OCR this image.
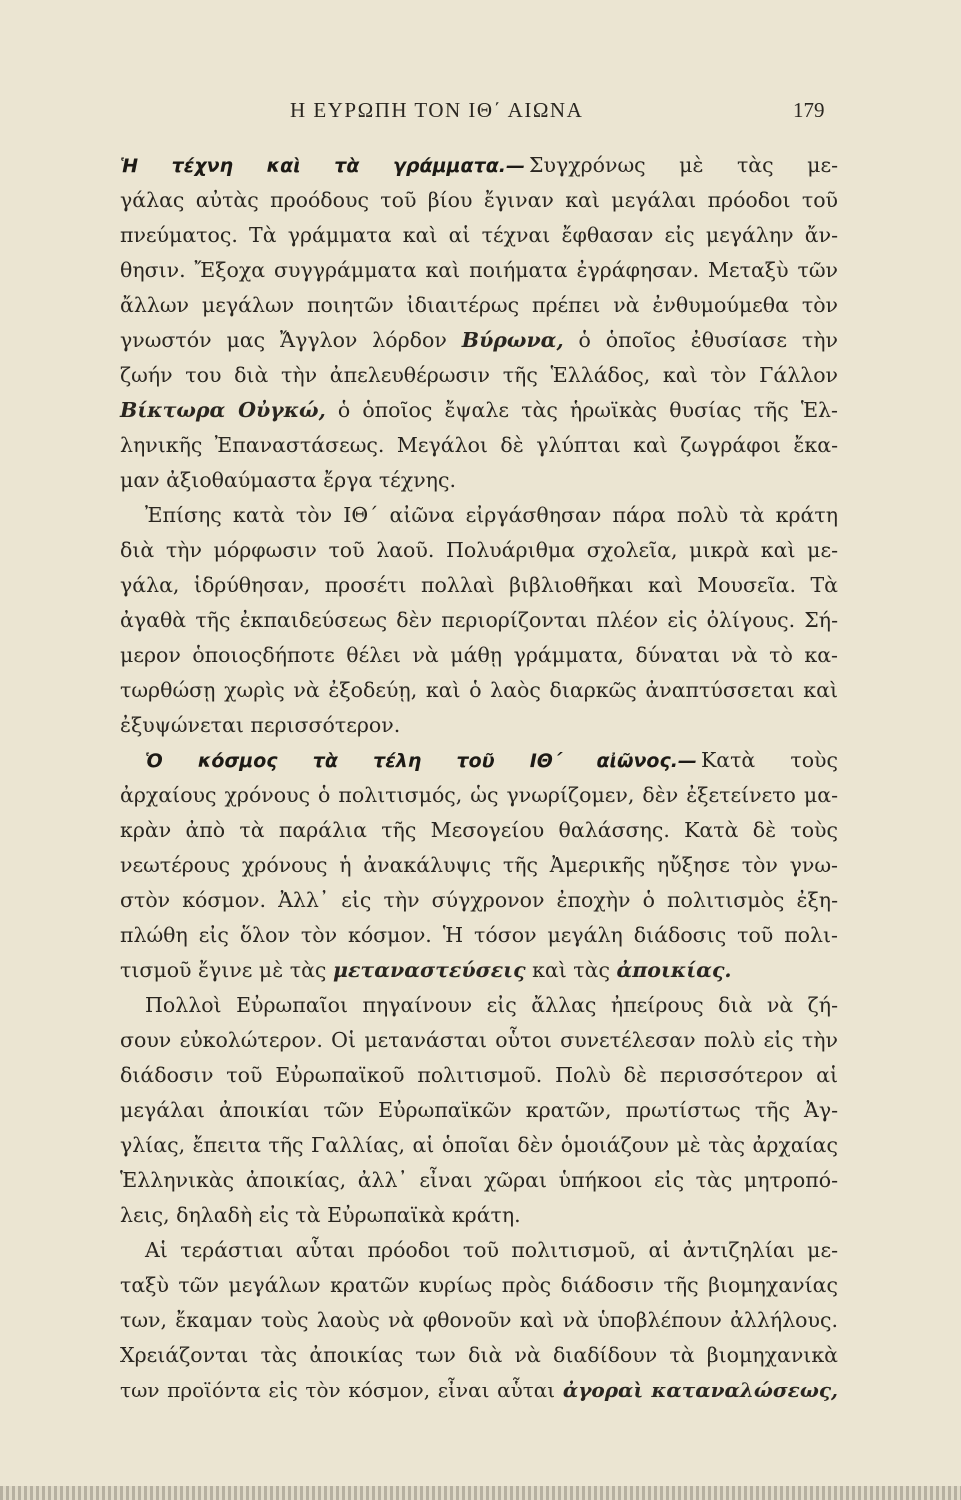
Η ΕΥΡΩΠΗ ΤΟΝ ΙΘ΄ ΑΙΩΝΑ	179
Ἡ τέχνη καὶ τὰ γράμματα.— Συγχρόνως μὲ τὰς με-
γάλας αὐτὰς προόδους τοῦ βίου ἔγιναν καὶ μεγάλαι πρόοδοι τοῦ
πνεύματος. Τὰ γράμματα καὶ αἱ τέχναι ἔφθασαν εἰς μεγάλην ἄν-
θησιν. Ἔξοχα συγγράμματα καὶ ποιήματα ἐγράφησαν. Μεταξὺ τῶν
ἄλλων μεγάλων ποιητῶν ἰδιαιτέρως πρέπει νὰ ἐνθυμούμεθα τὸν
γνωστόν μας Ἄγγλον λόρδον Βύρωνα, ὁ ὁποῖος ἐθυσίασε τὴν
ζωήν του διὰ τὴν ἀπελευθέρωσιν τῆς Ἑλλάδος, καὶ τὸν Γάλλον
Βίκτωρα Οὐγκώ, ὁ ὁποῖος ἔψαλε τὰς ἡρωϊκὰς θυσίας τῆς Ἑλ-
ληνικῆς Ἐπαναστάσεως. Μεγάλοι δὲ γλύπται καὶ ζωγράφοι ἔκα-
μαν ἀξιοθαύμαστα ἔργα τέχνης.
Ἐπίσης κατὰ τὸν ΙΘ΄ αἰῶνα εἰργάσθησαν πάρα πολὺ τὰ κράτη
διὰ τὴν μόρφωσιν τοῦ λαοῦ. Πολυάριθμα σχολεῖα, μικρὰ καὶ με-
γάλα, ἱδρύθησαν, προσέτι πολλαὶ βιβλιοθῆκαι καὶ Μουσεῖα. Τὰ
ἀγαθὰ τῆς ἐκπαιδεύσεως δὲν περιορίζονται πλέον εἰς ὀλίγους. Σή-
μερον ὁποιοςδήποτε θέλει νὰ μάθῃ γράμματα, δύναται νὰ τὸ κα-
τωρθώσῃ χωρὶς νὰ ἐξοδεύῃ, καὶ ὁ λαὸς διαρκῶς ἀναπτύσσεται καὶ
ἐξυψώνεται περισσότερον.
Ὁ κόσμος τὰ τέλη τοῦ ΙΘ΄ αἰῶνος.— Κατὰ τοὺς
ἀρχαίους χρόνους ὁ πολιτισμός, ὡς γνωρίζομεν, δὲν ἐξετείνετο μα-
κρὰν ἀπὸ τὰ παράλια τῆς Μεσογείου θαλάσσης. Κατὰ δὲ τοὺς
νεωτέρους χρόνους ἡ ἀνακάλυψις τῆς Ἀμερικῆς ηὔξησε τὸν γνω-
στὸν κόσμον. Ἀλλ᾽ εἰς τὴν σύγχρονον ἐποχὴν ὁ πολιτισμὸς ἐξη-
πλώθη εἰς ὅλον τὸν κόσμον. Ἡ τόσον μεγάλη διάδοσις τοῦ πολι-
τισμοῦ ἔγινε μὲ τὰς μεταναστεύσεις καὶ τὰς ἀποικίας.
Πολλοὶ Εὐρωπαῖοι πηγαίνουν εἰς ἄλλας ἠπείρους διὰ νὰ ζή-
σουν εὐκολώτερον. Οἱ μετανάσται οὗτοι συνετέλεσαν πολὺ εἰς τὴν
διάδοσιν τοῦ Εὐρωπαϊκοῦ πολιτισμοῦ. Πολὺ δὲ περισσότερον αἱ
μεγάλαι ἀποικίαι τῶν Εὐρωπαϊκῶν κρατῶν, πρωτίστως τῆς Ἀγ-
γλίας, ἔπειτα τῆς Γαλλίας, αἱ ὁποῖαι δὲν ὁμοιάζουν μὲ τὰς ἀρχαίας
Ἑλληνικὰς ἀποικίας, ἀλλ᾽ εἶναι χῶραι ὑπήκοοι εἰς τὰς μητροπό-
λεις, δηλαδὴ εἰς τὰ Εὐρωπαϊκὰ κράτη.
Αἱ τεράστιαι αὗται πρόοδοι τοῦ πολιτισμοῦ, αἱ ἀντιζηλίαι με-
ταξὺ τῶν μεγάλων κρατῶν κυρίως πρὸς διάδοσιν τῆς βιομηχανίας
των, ἔκαμαν τοὺς λαοὺς νὰ φθονοῦν καὶ νὰ ὑποβλέπουν ἀλλήλους.
Χρειάζονται τὰς ἀποικίας των διὰ νὰ διαδίδουν τὰ βιομηχανικὰ
των προϊόντα εἰς τὸν κόσμον, εἶναι αὗται ἀγοραὶ καταναλώσεως,
